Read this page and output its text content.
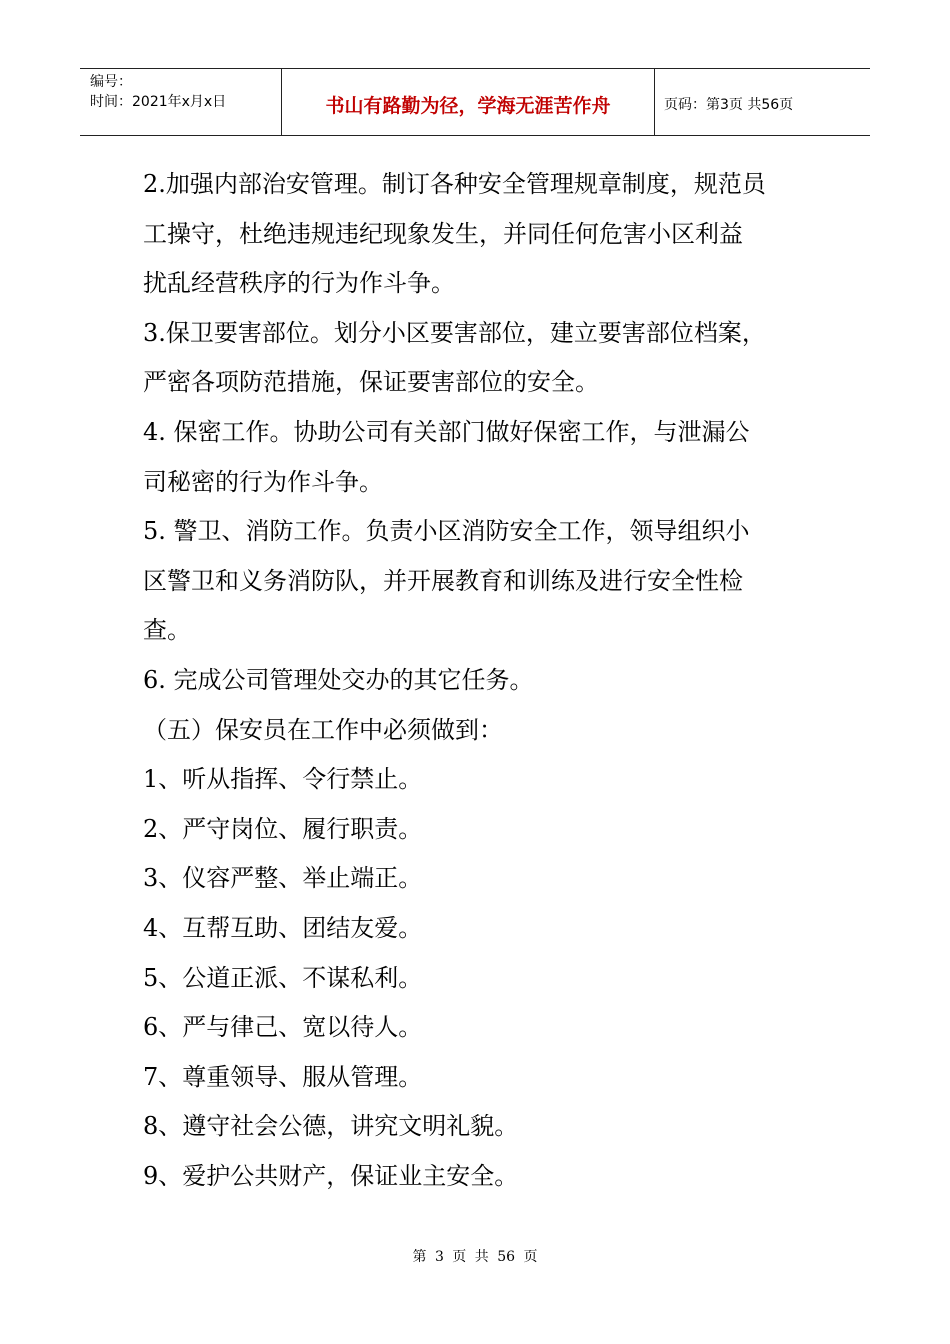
编号：
时间：2021年x月x日	书山有路勤为径，学海无涯苦作舟	页码：第3页 共56页

2.加强内部治安管理。制订各种安全管理规章制度，规范员

工操守，杜绝违规违纪现象发生，并同任何危害小区利益

扰乱经营秩序的行为作斗争。

3.保卫要害部位。划分小区要害部位，建立要害部位档案，

严密各项防范措施，保证要害部位的安全。

4. 保密工作。协助公司有关部门做好保密工作，与泄漏公

司秘密的行为作斗争。

5. 警卫、消防工作。负责小区消防安全工作，领导组织小

区警卫和义务消防队，并开展教育和训练及进行安全性检

查。

6. 完成公司管理处交办的其它任务。

（五）保安员在工作中必须做到：

1、听从指挥、令行禁止。

2、严守岗位、履行职责。

3、仪容严整、举止端正。

4、互帮互助、团结友爱。

5、公道正派、不谋私利。

6、严与律己、宽以待人。

7、尊重领导、服从管理。

8、遵守社会公德，讲究文明礼貌。

9、爱护公共财产，保证业主安全。

第 3 页 共 56 页
